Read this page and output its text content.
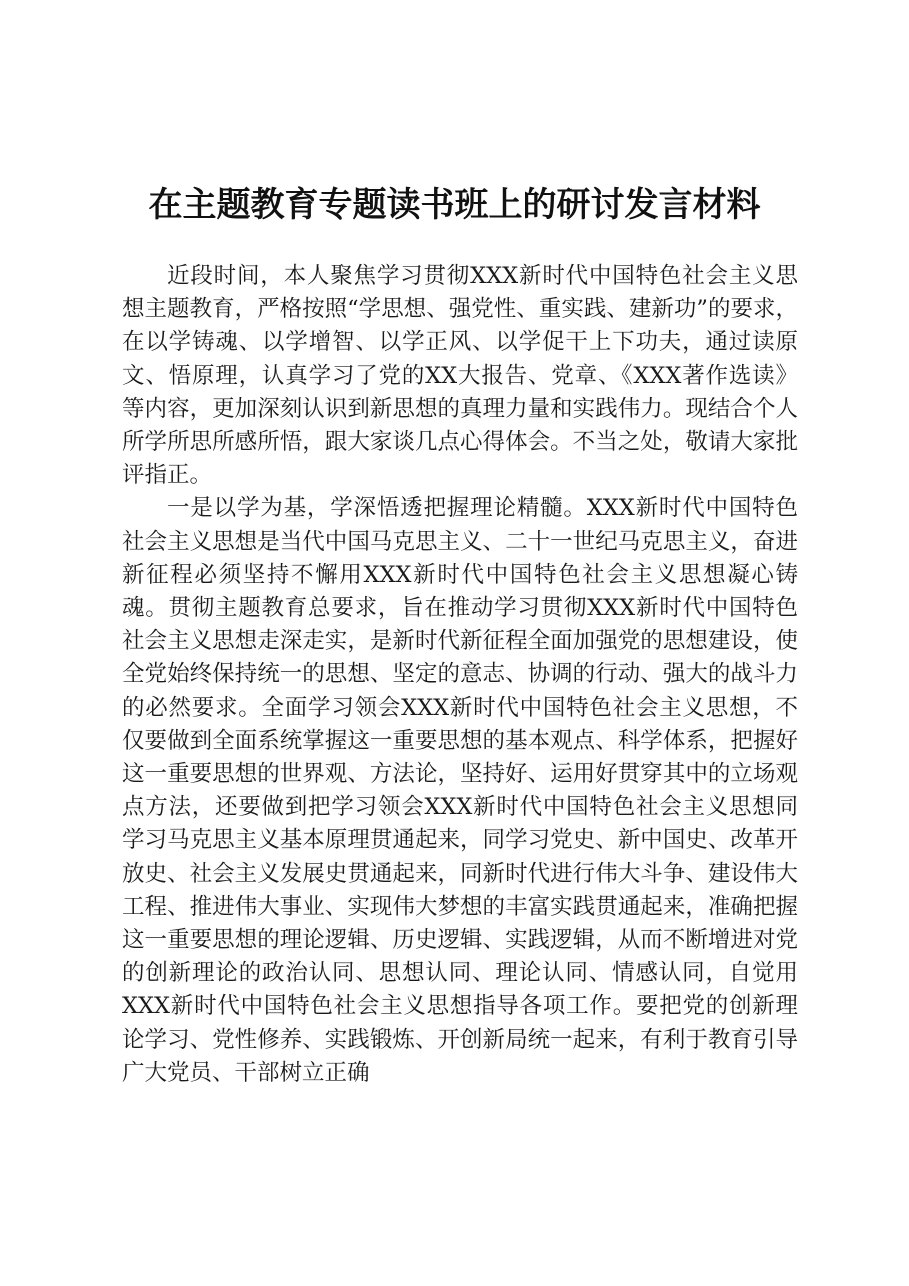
在主题教育专题读书班上的研讨发言材料

近段时间，本人聚焦学习贯彻XXX新时代中国特色社会主义思想主题教育，严格按照“学思想、强党性、重实践、建新功”的要求，在以学铸魂、以学增智、以学正风、以学促干上下功夫，通过读原文、悟原理，认真学习了党的XX大报告、党章、《XXX著作选读》等内容，更加深刻认识到新思想的真理力量和实践伟力。现结合个人所学所思所感所悟，跟大家谈几点心得体会。不当之处，敬请大家批评指正。

一是以学为基，学深悟透把握理论精髓。XXX新时代中国特色社会主义思想是当代中国马克思主义、二十一世纪马克思主义，奋进新征程必须坚持不懈用XXX新时代中国特色社会主义思想凝心铸魂。贯彻主题教育总要求，旨在推动学习贯彻XXX新时代中国特色社会主义思想走深走实，是新时代新征程全面加强党的思想建设，使全党始终保持统一的思想、坚定的意志、协调的行动、强大的战斗力的必然要求。全面学习领会XXX新时代中国特色社会主义思想，不仅要做到全面系统掌握这一重要思想的基本观点、科学体系，把握好这一重要思想的世界观、方法论，坚持好、运用好贯穿其中的立场观点方法，还要做到把学习领会XXX新时代中国特色社会主义思想同学习马克思主义基本原理贯通起来，同学习党史、新中国史、改革开放史、社会主义发展史贯通起来，同新时代进行伟大斗争、建设伟大工程、推进伟大事业、实现伟大梦想的丰富实践贯通起来，准确把握这一重要思想的理论逻辑、历史逻辑、实践逻辑，从而不断增进对党的创新理论的政治认同、思想认同、理论认同、情感认同，自觉用XXX新时代中国特色社会主义思想指导各项工作。要把党的创新理论学习、党性修养、实践锻炼、开创新局统一起来，有利于教育引导广大党员、干部树立正确
